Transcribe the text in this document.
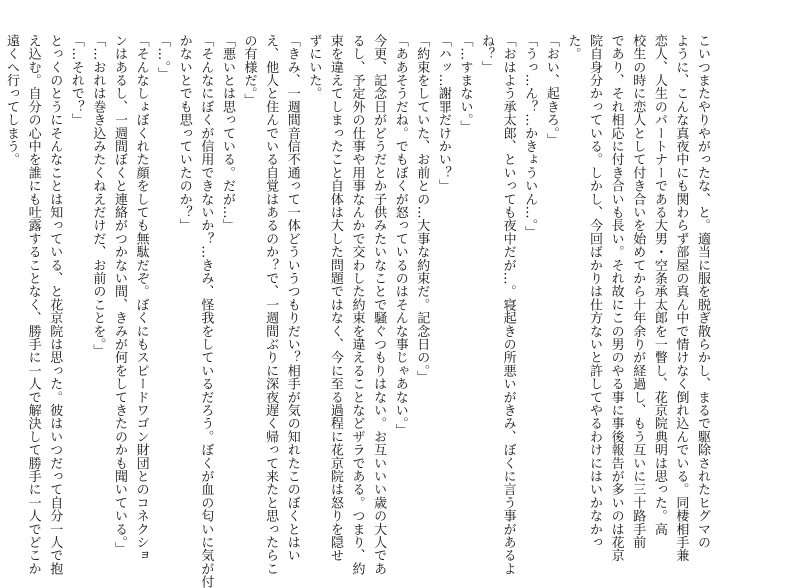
こいつまたやりやがったな、と。適当に服を脱ぎ散らかし、まるで駆除されたヒグマの
ように、こんな真夜中にも関わらず部屋の真ん中で情けなく倒れ込んでいる。同棲相手兼
恋人、人生のパートナーである大男・空条承太郎を一瞥し、花京院典明は思った。高
校生の時に恋人として付き合いを始めてから十年余りが経過し、もう互いに三十路手前
であり、それ相応に付き合いも長い。それ故にこの男のやる事に事後報告が多いのは花京
院自身分かっている。しかし、今回ばかりは仕方ないと許してやるわけにはいかなかっ
た。
「おい、起きろ。」
「うっ…ん？…かきょういん…。」
「おはよう承太郎、といっても夜中だが…。寝起きの所悪いがきみ、ぼくに言う事があるよ
ね？」
「…すまない。」
「ハッ…謝罪だけかい？」
「約束をしていた、お前との…大事な約束だ。記念日の。」
「ああそうだね。でもぼくが怒っているのはそんな事じゃあない。」
今更、記念日がどうだとか子供みたいなことで騒ぐつもりはない。お互いいい歳の大人であ
るし、予定外の仕事や用事なんかで交わした約束を違えることなどザラである。つまり、約
束を違えてしまったこと自体は大した問題ではなく、今に至る過程に花京院は怒りを隠せ
ずにいた。
「きみ、一週間音信不通って一体どういうつもりだい？相手が気の知れたこのぼくとはい
え、他人と住んでいる自覚はあるのか？で、一週間ぶりに深夜遅く帰って来たと思ったらこ
の有様だ。」
「悪いとは思っている。だが…」
「そんなにぼくが信用できないか？…きみ、怪我をしているだろう。ぼくが血の匂いに気が付
かないとでも思っていたのか？」
「…。」
「そんなしょぼくれた顔をしても無駄だぞ。ぼくにもスピードワゴン財団とのコネクショ
ンはあるし、一週間ぼくと連絡がつかない間、きみが何をしてきたのかも聞いている。」
「…おれは巻き込みたくねえだけだ、お前のことを。」
「…それで？」
とっくのとうにそんなことは知っている、と花京院は思った。彼はいつだって自分一人で抱
え込む。自分の心中を誰にも吐露することなく、勝手に一人で解決して勝手に一人でどこか
遠くへ行ってしまう。
